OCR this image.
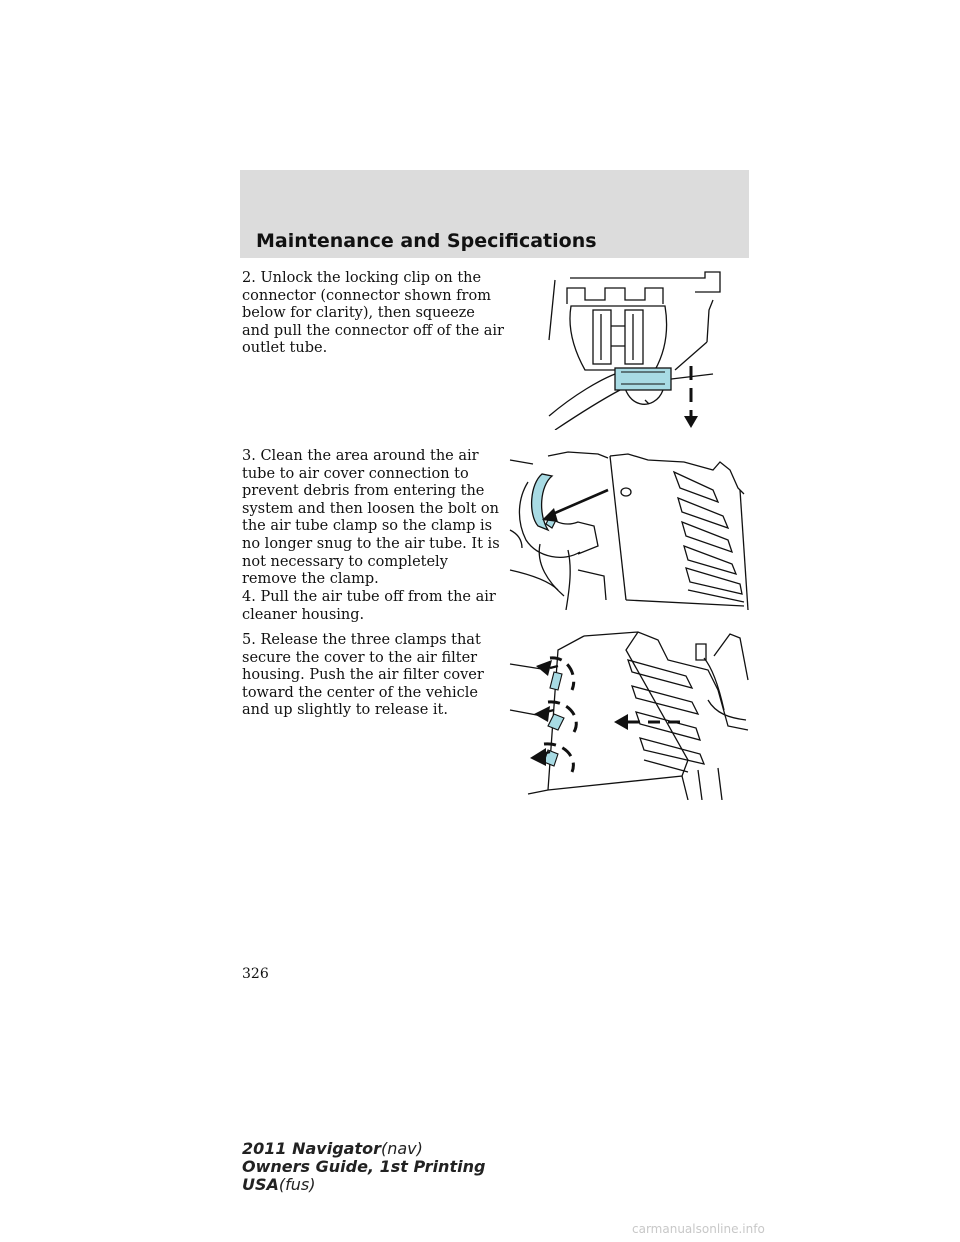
Maintenance and Specifications

2. Unlock the locking clip on the connector (connector shown from below for clarity), then squeeze and pull the connector off of the air outlet tube.

3. Clean the area around the air tube to air cover connection to prevent debris from entering the system and then loosen the bolt on the air tube clamp so the clamp is no longer snug to the air tube. It is not necessary to completely remove the clamp.

4. Pull the air tube off from the air cleaner housing.

5. Release the three clamps that secure the cover to the air filter housing. Push the air filter cover toward the center of the vehicle and up slightly to release it.

326
2011 Navigator(nav)
Owners Guide, 1st Printing
USA(fus)
carmanualsonline.info
